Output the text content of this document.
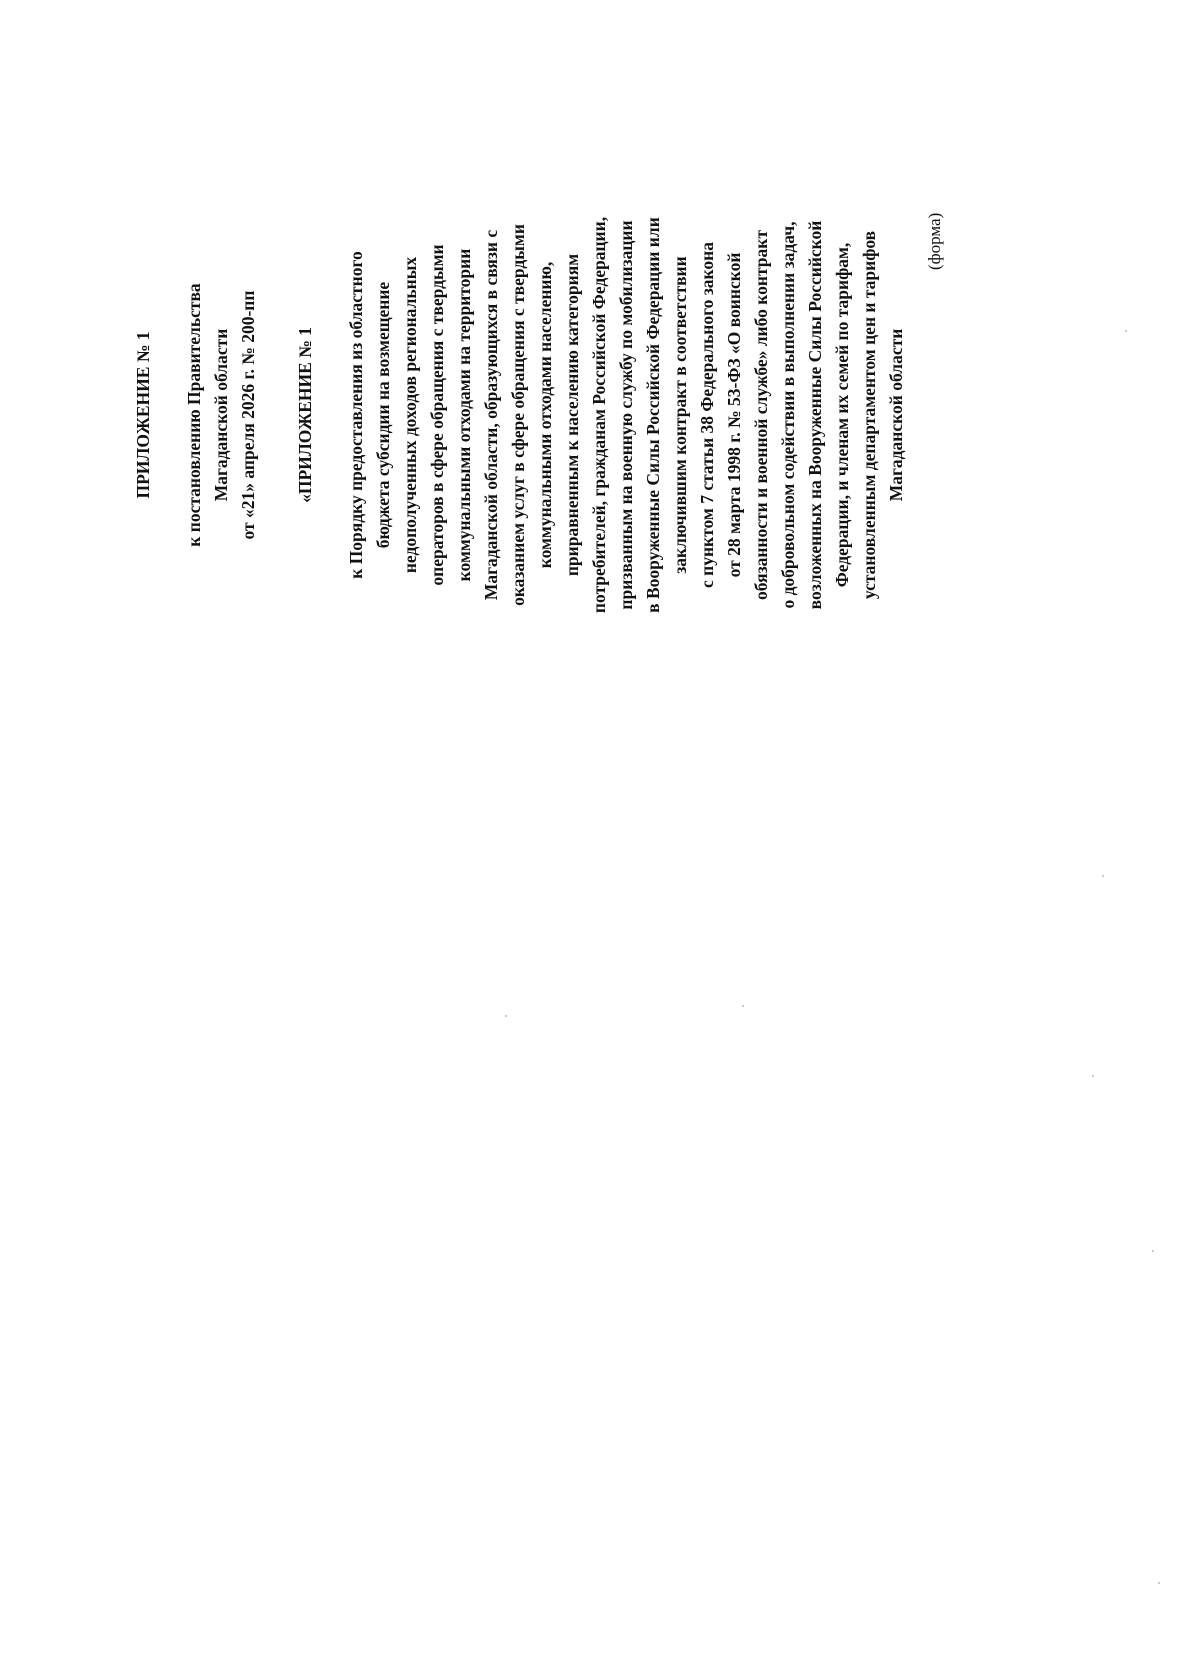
ПРИЛОЖЕНИЕ № 1 к постановлению Правительства Магаданской области от «21» апреля 2026 г. № 200-пп «ПРИЛОЖЕНИЕ № 1 к Порядку предоставления из областного бюджета субсидии на возмещение недополученных доходов региональных операторов в сфере обращения с твердыми коммунальными отходами на территории Магаданской области, образующихся в связи с оказанием услуг в сфере обращения с твердыми коммунальными отходами населению, приравненным к населению категориям потребителей, гражданам Российской Федерации, призванным на военную службу по мобилизации в Вооруженные Силы Российской Федерации или заключившим контракт в соответствии с пунктом 7 статьи 38 Федерального закона от 28 марта 1998 г. № 53-ФЗ «О воинской обязанности и военной службе» либо контракт о добровольном содействии в выполнении задач, возложенных на Вооруженные Силы Российской Федерации, и членам их семей по тарифам, установленным департаментом цен и тарифов Магаданской области
(форма)
